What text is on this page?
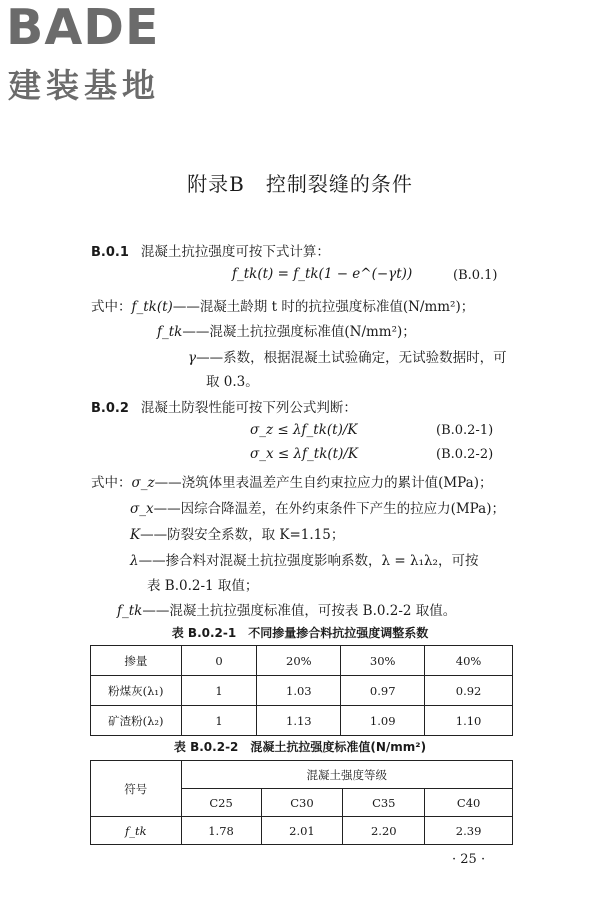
BADE
建装基地
附录B　控制裂缝的条件
B.0.1 混凝土抗拉强度可按下式计算：
f_tk(t) = f_tk(1 − e^(−γt))	(B.0.1)
式中：f_tk(t)——混凝土龄期 t 时的抗拉强度标准值(N/mm²)；
f_tk——混凝土抗拉强度标准值(N/mm²)；
γ——系数，根据混凝土试验确定，无试验数据时，可
取 0.3。
B.0.2 混凝土防裂性能可按下列公式判断：
σ_z ≤ λf_tk(t)/K	(B.0.2-1)
σ_x ≤ λf_tk(t)/K	(B.0.2-2)
式中：σ_z——浇筑体里表温差产生自约束拉应力的累计值(MPa)；
σ_x——因综合降温差，在外约束条件下产生的拉应力(MPa)；
K——防裂安全系数，取 K=1.15；
λ——掺合料对混凝土抗拉强度影响系数，λ = λ₁λ₂，可按
表 B.0.2-1 取值；
f_tk——混凝土抗拉强度标准值，可按表 B.0.2-2 取值。
表 B.0.2-1　不同掺量掺合料抗拉强度调整系数
掺量	0	20%	30%	40%
粉煤灰(λ₁)	1	1.03	0.97	0.92
矿渣粉(λ₂)	1	1.13	1.09	1.10
表 B.0.2-2　混凝土抗拉强度标准值(N/mm²)
符号	混凝土强度等级			
	C25	C30	C35	C40
f_tk	1.78	2.01	2.20	2.39
· 25 ·
